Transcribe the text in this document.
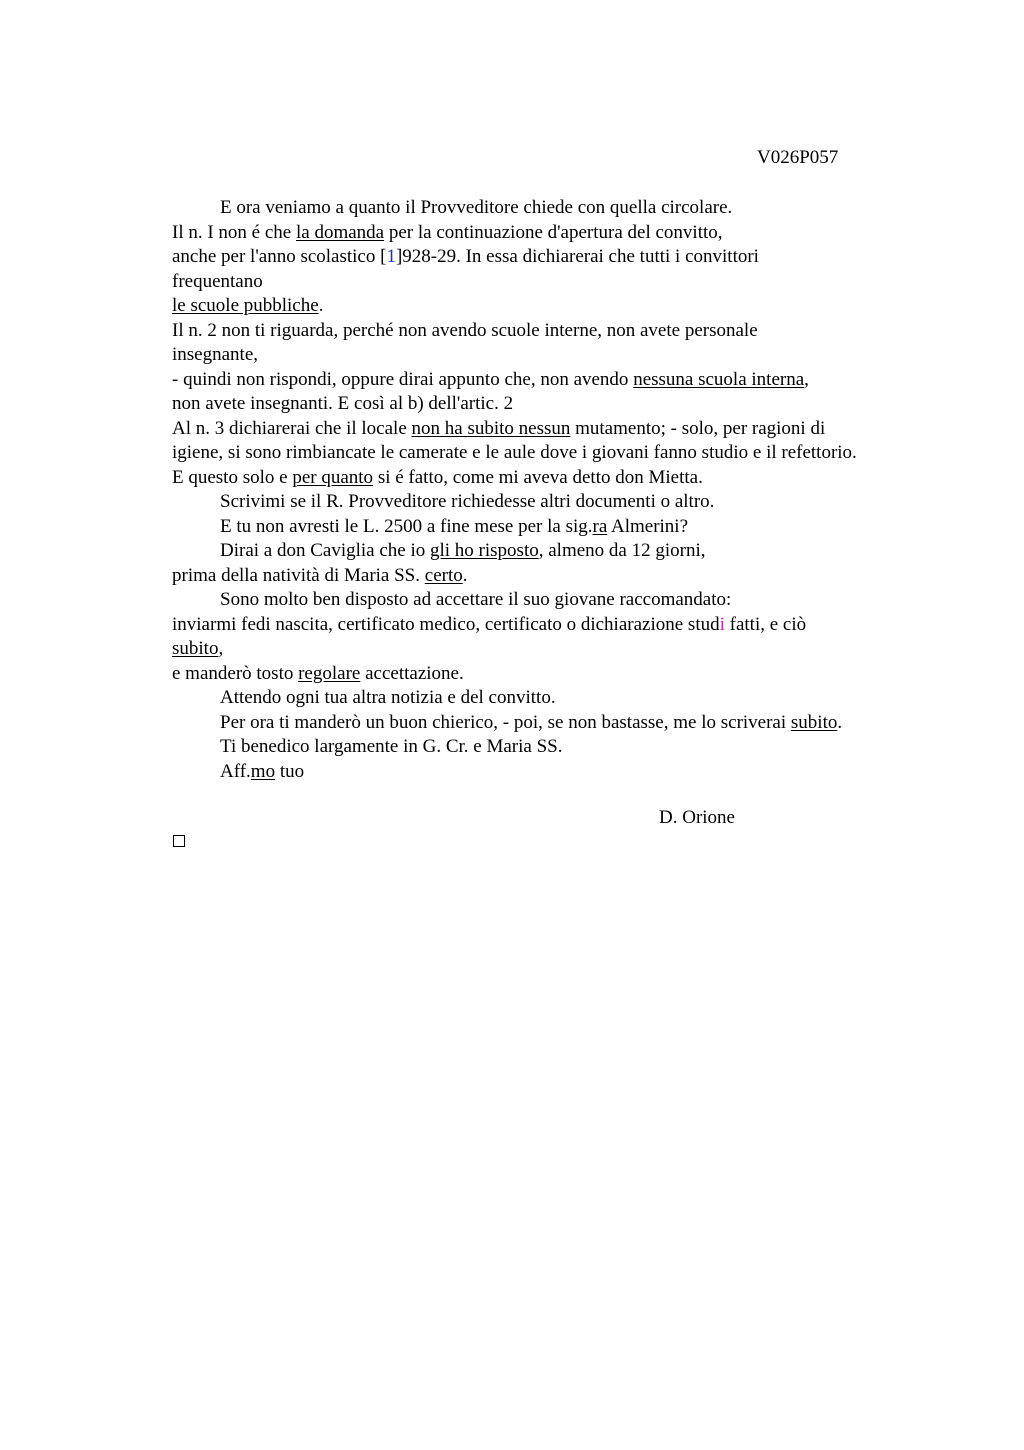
V026P057
E ora veniamo a quanto il Provveditore chiede con quella circolare.
Il n. I non é che la domanda per la continuazione d'apertura del convitto,
anche per l'anno scolastico [1]928-29. In essa dichiarerai che tutti i convittori
frequentano
le scuole pubbliche.
Il n. 2 non ti riguarda, perché non avendo scuole interne, non avete personale
insegnante,
- quindi non rispondi, oppure dirai appunto che, non avendo nessuna scuola interna,
non avete insegnanti. E così al b) dell'artic. 2
Al n. 3 dichiarerai che il locale non ha subito nessun mutamento; - solo, per ragioni di
igiene, si sono rimbiancate le camerate e le aule dove i giovani fanno studio e il refettorio.
E questo solo e per quanto si é fatto, come mi aveva detto don Mietta.
Scrivimi se il R. Provveditore richiedesse altri documenti o altro.
E tu non avresti le L. 2500 a fine mese per la sig.ra Almerini?
Dirai a don Caviglia che io gli ho risposto, almeno da 12 giorni,
prima della natività di Maria SS. certo.
Sono molto ben disposto ad accettare il suo giovane raccomandato:
inviarmi fedi nascita, certificato medico, certificato o dichiarazione studi fatti, e ciò
subito,
e manderò tosto regolare accettazione.
Attendo ogni tua altra notizia e del convitto.
Per ora ti manderò un buon chierico, - poi, se non bastasse, me lo scriverai subito.
Ti benedico largamente in G. Cr. e Maria SS.
Aff.mo tuo
D. Orione
